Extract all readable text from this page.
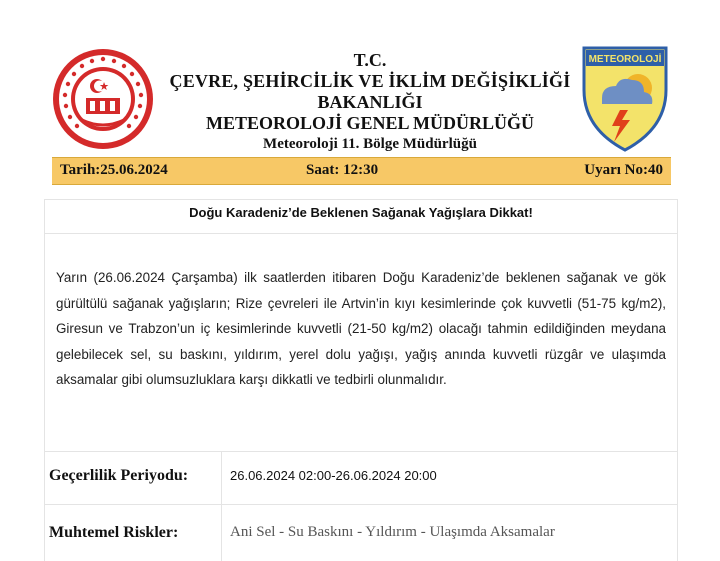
T.C.
ÇEVRE, ŞEHİRCİLİK VE İKLİM DEĞİŞİKLİĞİ
BAKANLIĞI
METEOROLOJİ GENEL MÜDÜRLÜĞÜ
Meteoroloji 11. Bölge Müdürlüğü
METEOROLOJİ
Tarih:25.06.2024	Saat: 12:30	Uyarı No:40
Doğu Karadeniz’de Beklenen Sağanak Yağışlara Dikkat!
Yarın (26.06.2024 Çarşamba) ilk saatlerden itibaren Doğu Karadeniz’de beklenen sağanak ve gök gürültülü sağanak yağışların; Rize çevreleri ile Artvin’in kıyı kesimlerinde çok kuvvetli (51-75 kg/m2), Giresun ve Trabzon’un iç kesimlerinde kuvvetli (21-50 kg/m2) olacağı tahmin edildiğinden meydana gelebilecek sel, su baskını, yıldırım, yerel dolu yağışı, yağış anında kuvvetli rüzgâr ve ulaşımda aksamalar gibi olumsuzluklara karşı dikkatli ve tedbirli olunmalıdır.
Geçerlilik Periyodu:	26.06.2024 02:00-26.06.2024 20:00
Muhtemel Riskler:	Ani Sel - Su Baskını - Yıldırım - Ulaşımda Aksamalar
